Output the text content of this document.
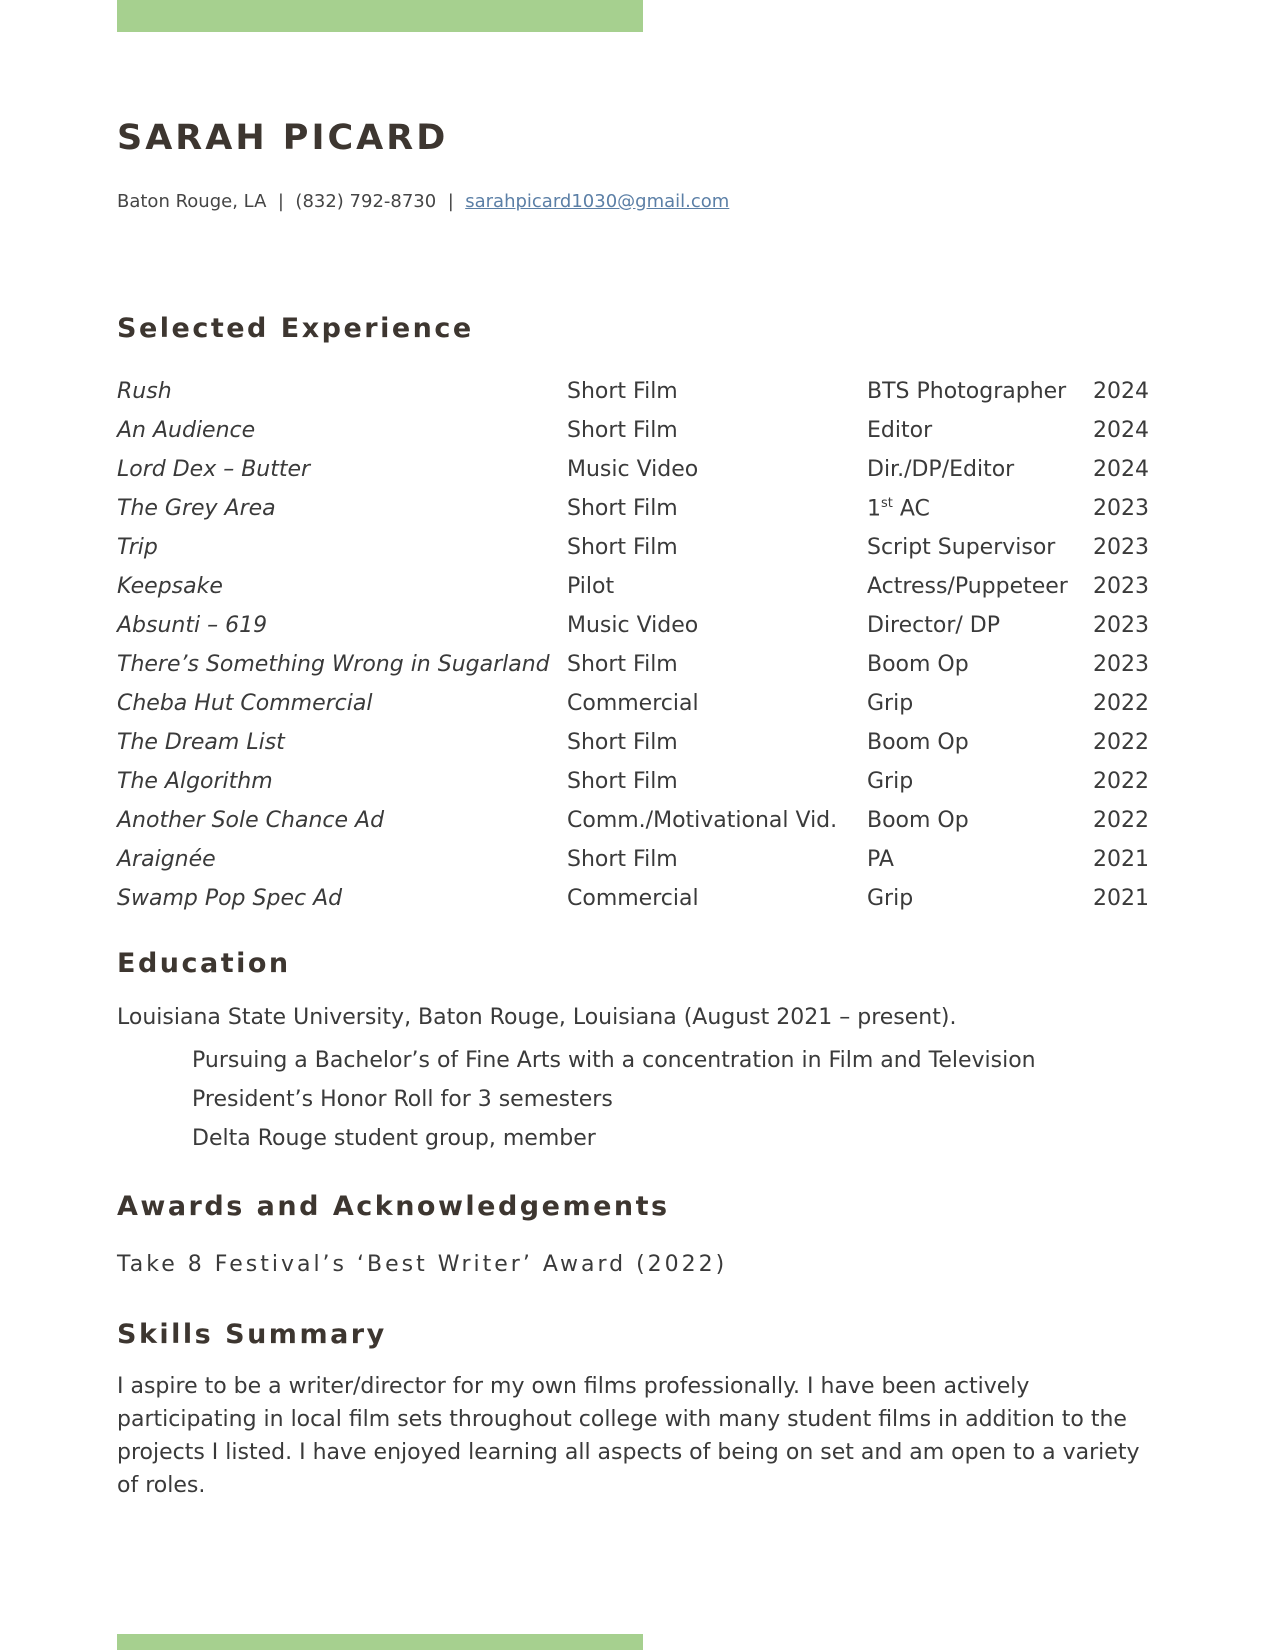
SARAH PICARD
Baton Rouge, LA | (832) 792-8730 | sarahpicard1030@gmail.com
Selected Experience
Rush	Short Film	BTS Photographer	2024
An Audience	Short Film	Editor	2024
Lord Dex – Butter	Music Video	Dir./DP/Editor	2024
The Grey Area	Short Film	1st AC	2023
Trip	Short Film	Script Supervisor	2023
Keepsake	Pilot	Actress/Puppeteer	2023
Absunti – 619	Music Video	Director/ DP	2023
There’s Something Wrong in Sugarland	Short Film	Boom Op	2023
Cheba Hut Commercial	Commercial	Grip	2022
The Dream List	Short Film	Boom Op	2022
The Algorithm	Short Film	Grip	2022
Another Sole Chance Ad	Comm./Motivational Vid.	Boom Op	2022
Araignée	Short Film	PA	2021
Swamp Pop Spec Ad	Commercial	Grip	2021
Education
Louisiana State University, Baton Rouge, Louisiana (August 2021 – present).
Pursuing a Bachelor’s of Fine Arts with a concentration in Film and Television
President’s Honor Roll for 3 semesters
Delta Rouge student group, member
Awards and Acknowledgements
Take 8 Festival’s ‘Best Writer’ Award (2022)
Skills Summary

I aspire to be a writer/director for my own films professionally. I have been actively participating in local film sets throughout college with many student films in addition to the projects I listed. I have enjoyed learning all aspects of being on set and am open to a variety of roles.
